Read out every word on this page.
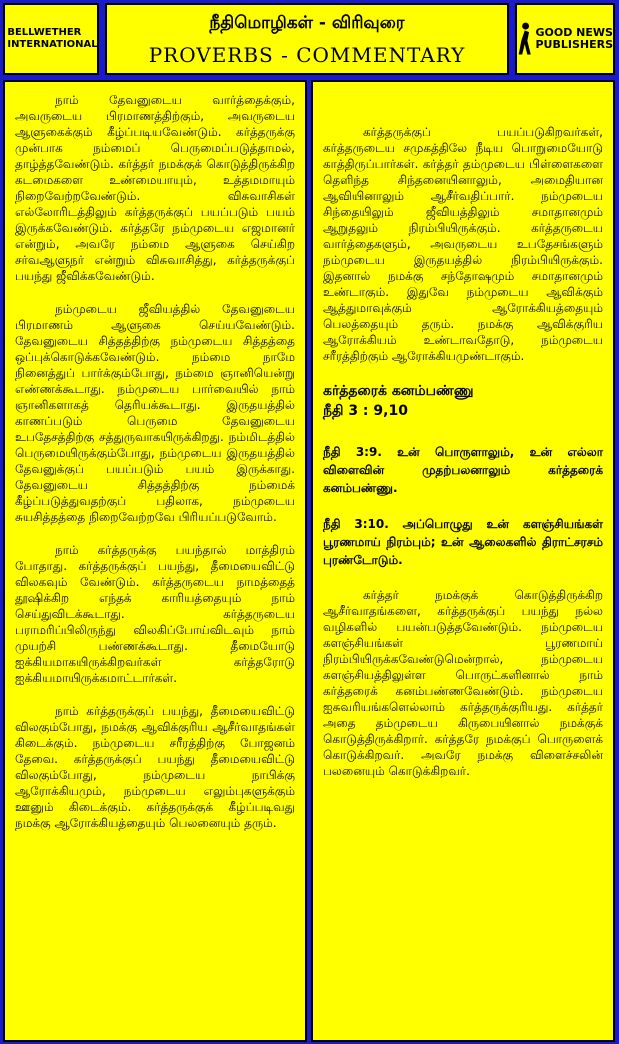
BELLWETHER
INTERNATIONAL
நீதிமொழிகள் - விரிவுரை
PROVERBS - COMMENTARY
GOOD NEWS
PUBLISHERS

நாம் தேவனுடைய வார்த்தைக்கும், அவருடைய பிரமாணத்திற்கும், அவருடைய ஆளுகைக்கும் கீழ்ப்படியவேண்டும். கர்த்தருக்கு முன்பாக நம்மைப் பெருமைப்படுத்தாமல், தாழ்த்தவேண்டும். கர்த்தர் நமக்குக் கொடுத்திருக்கிற கடமைகளை உண்மையாயும், உத்தமமாயும் நிறைவேற்றவேண்டும். விசுவாசிகள் எல்லோரிடத்திலும் கர்த்தருக்குப் பயப்படும் பயம் இருக்கவேண்டும். கர்த்தரே நம்முடைய எஜமானர் என்றும், அவரே நம்மை ஆளுகை செய்கிற சர்வஆளுநர் என்றும் விசுவாசித்து, கர்த்தருக்குப் பயந்து ஜீவிக்கவேண்டும்.

நம்முடைய ஜீவியத்தில் தேவனுடைய பிரமாணம் ஆளுகை செய்யவேண்டும். தேவனுடைய சித்தத்திற்கு நம்முடைய சித்தத்தை ஒப்புக்கொடுக்கவேண்டும். நம்மை நாமே நினைத்துப் பார்க்கும்போது, நம்மை ஞானியென்று எண்ணக்கூடாது. நம்முடைய பார்வையில் நாம் ஞானிகளாகத் தெரியக்கூடாது. இருதயத்தில் காணப்படும் பெருமை தேவனுடைய உபதேசத்திற்கு சத்துருவாகயிருக்கிறது. நம்மிடத்தில் பெருமையிருக்கும்போது, நம்முடைய இருதயத்தில் தேவனுக்குப் பயப்படும் பயம் இருக்காது. தேவனுடைய சித்தத்திற்கு நம்மைக் கீழ்ப்படுத்துவதற்குப் பதிலாக, நம்முடைய சுயசித்தத்தை நிறைவேற்றவே பிரியப்படுவோம்.

நாம் கர்த்தருக்கு பயந்தால் மாத்திரம் போதாது. கர்த்தருக்குப் பயந்து, தீமையைவிட்டு விலகவும் வேண்டும். கர்த்தருடைய நாமத்தைத் தூஷிக்கிற எந்தக் காரியத்தையும் நாம் செய்துவிடக்கூடாது. கர்த்தருடைய பராமரிப்பிலிருந்து விலகிப்போய்விடவும் நாம் முயற்சி பண்ணக்கூடாது. தீமையோடு ஐக்கியமாகயிருக்கிறவர்கள் கர்த்தரோடு ஐக்கியமாயிருக்கமாட்டார்கள்.

நாம் கர்த்தருக்குப் பயந்து, தீமையைவிட்டு விலகும்போது, நமக்கு ஆவிக்குரிய ஆசீர்வாதங்கள் கிடைக்கும். நம்முடைய சரீரத்திற்கு போஜனம் தேவை. கர்த்தருக்குப் பயந்து தீமையைவிட்டு விலகும்போது, நம்முடைய நாபிக்கு ஆரோக்கியமும், நம்முடைய எலும்புகளுக்கும் ஊனும் கிடைக்கும். கர்த்தருக்குக் கீழ்ப்படிவது நமக்கு ஆரோக்கியத்தையும் பெலனையும் தரும்.

கர்த்தருக்குப் பயப்படுகிறவர்கள், கர்த்தருடைய சமுகத்திலே நீடிய பொறுமையோடு காத்திருப்பார்கள். கர்த்தர் தம்முடைய பிள்ளைகளை தெளிந்த சிந்தனையினாலும், அமைதியான ஆவியினாலும் ஆசீர்வதிப்பார். நம்முடைய சிந்தையிலும் ஜீவியத்திலும் சமாதானமும் ஆறுதலும் நிரம்பியிருக்கும். கர்த்தருடைய வார்த்தைகளும், அவருடைய உபதேசங்களும் நம்முடைய இருதயத்தில் நிரம்பியிருக்கும். இதனால் நமக்கு சந்தோஷமும் சமாதானமும் உண்டாகும். இதுவே நம்முடைய ஆவிக்கும் ஆத்துமாவுக்கும் ஆரோக்கியத்தையும் பெலத்தையும் தரும். நமக்கு ஆவிக்குரிய ஆரோக்கியம் உண்டாவதோடு, நம்முடைய சரீரத்திற்கும் ஆரோக்கியமுண்டாகும்.

கர்த்தரைக் கனம்பண்ணு
நீதி 3 : 9,10

நீதி 3:9. உன் பொருளாலும், உன் எல்லா விளைவின் முதற்பலனாலும் கர்த்தரைக் கனம்பண்ணு.

நீதி 3:10. அப்பொழுது உன் களஞ்சியங்கள் பூரணமாய் நிரம்பும்; உன் ஆலைகளில் திராட்சரசம் புரண்டோடும்.

கர்த்தர் நமக்குக் கொடுத்திருக்கிற ஆசீர்வாதங்களை, கர்த்தருக்குப் பயந்து நல்ல வழிகளில் பயன்படுத்தவேண்டும். நம்முடைய களஞ்சியங்கள் பூரணமாய் நிரம்பியிருக்கவேண்டுமென்றால், நம்முடைய களஞ்சியத்திலுள்ள பொருட்களினால் நாம் கர்த்தரைக் கனம்பண்ணவேண்டும். நம்முடைய ஐசுவரியங்களெல்லாம் கர்த்தருக்குரியது. கர்த்தர் அதை தம்முடைய கிருபையினால் நமக்குக் கொடுத்திருக்கிறார். கர்த்தரே நமக்குப் பொருளைக் கொடுக்கிறவர். அவரே நமக்கு விளைச்சலின் பலனையும் கொடுக்கிறவர்.
